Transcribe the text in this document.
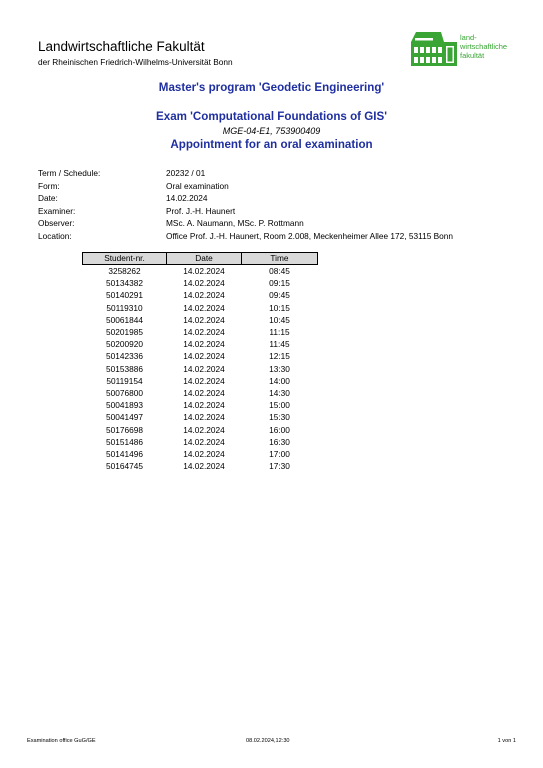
Landwirtschaftliche Fakultät
der Rheinischen Friedrich-Wilhelms-Universität Bonn
land-
wirtschaftliche
fakultät
Master's program 'Geodetic Engineering'
Exam 'Computational Foundations of GIS'
MGE-04-E1, 753900409
Appointment for an oral examination
Term / Schedule:	20232 / 01
Form:	Oral examination
Date:	14.02.2024
Examiner:	Prof. J.-H. Haunert
Observer:	MSc. A. Naumann, MSc. P. Rottmann
Location:	Office Prof. J.-H. Haunert, Room 2.008, Meckenheimer Allee 172, 53115 Bonn
Student-nr.	Date	Time
3258262	14.02.2024	08:45
50134382	14.02.2024	09:15
50140291	14.02.2024	09:45
50119310	14.02.2024	10:15
50061844	14.02.2024	10:45
50201985	14.02.2024	11:15
50200920	14.02.2024	11:45
50142336	14.02.2024	12:15
50153886	14.02.2024	13:30
50119154	14.02.2024	14:00
50076800	14.02.2024	14:30
50041893	14.02.2024	15:00
50041497	14.02.2024	15:30
50176698	14.02.2024	16:00
50151486	14.02.2024	16:30
50141496	14.02.2024	17:00
50164745	14.02.2024	17:30
Examination office GuG/GE	08.02.2024,12:30	1 von 1
